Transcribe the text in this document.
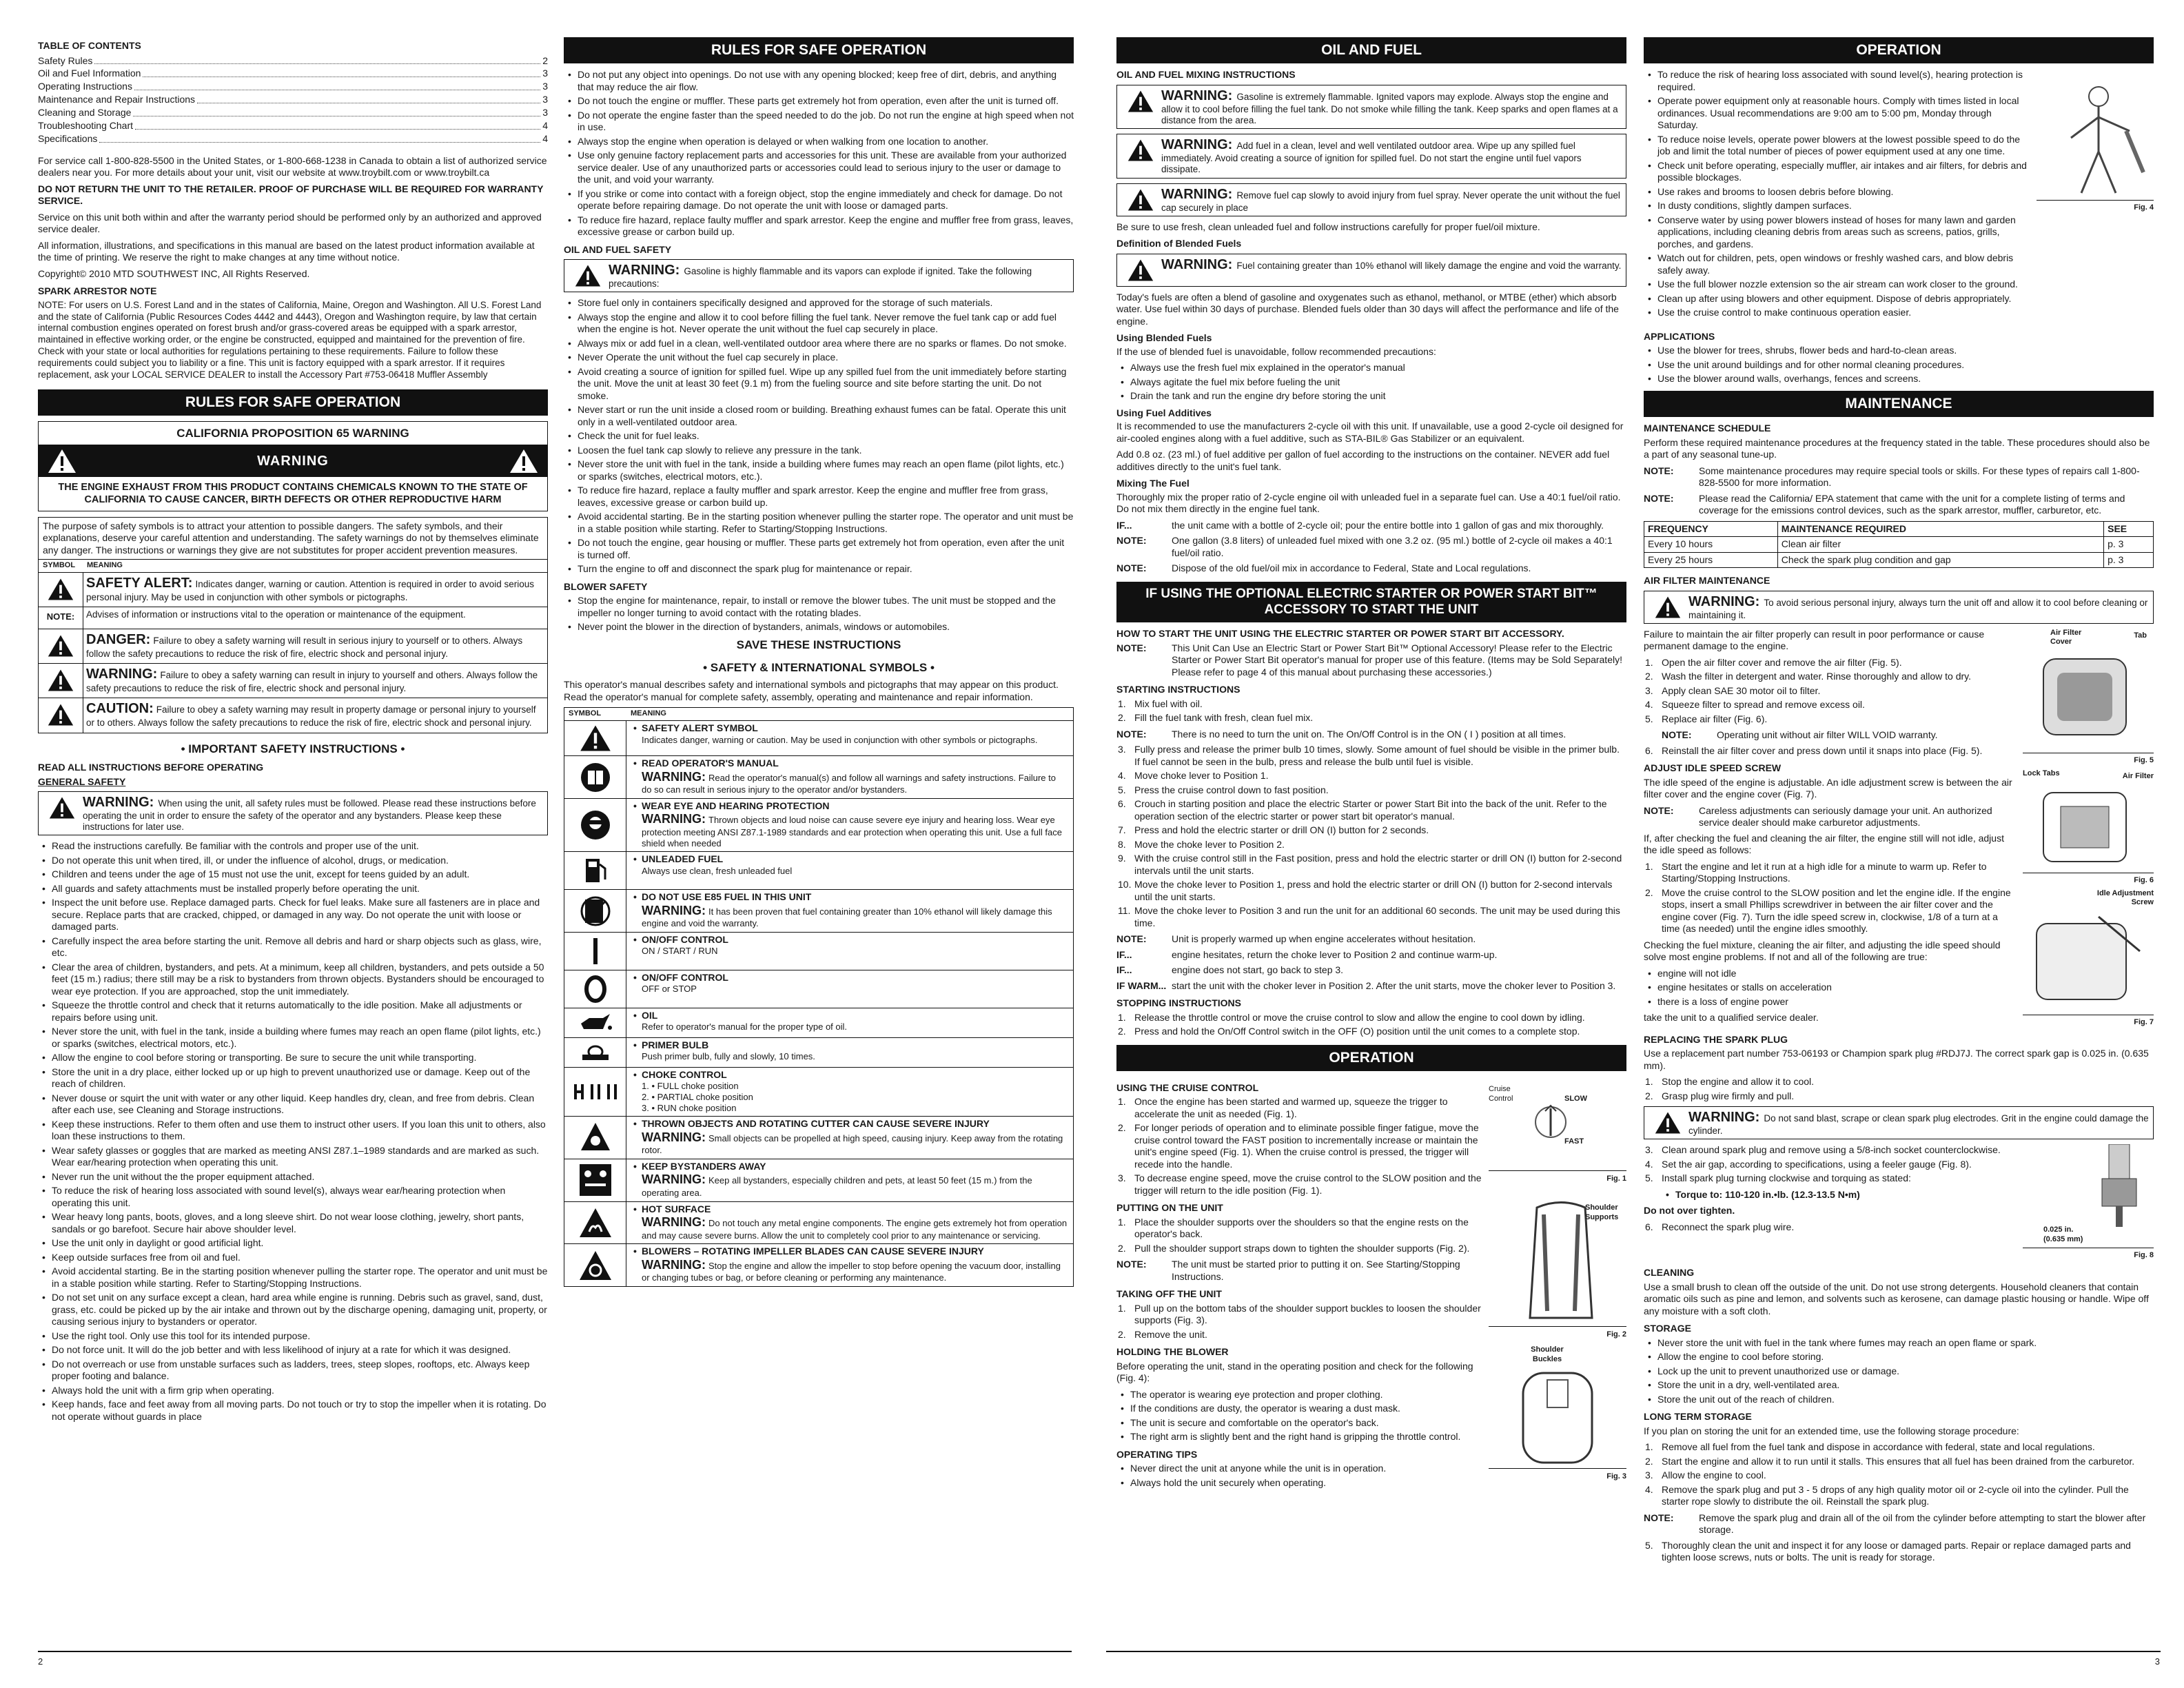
TABLE OF CONTENTS
Safety Rules	2
Oil and Fuel Information	3
Operating Instructions	3
Maintenance and Repair Instructions	3
Cleaning and Storage	3
Troubleshooting Chart	4
Specifications	4

For service call 1-800-828-5500 in the United States, or 1-800-668-1238 in Canada to obtain a list of authorized service dealers near you. For more details about your unit, visit our website at www.troybilt.com or www.troybilt.ca

DO NOT RETURN THE UNIT TO THE RETAILER. PROOF OF PURCHASE WILL BE REQUIRED FOR WARRANTY SERVICE.

Service on this unit both within and after the warranty period should be performed only by an authorized and approved service dealer.

All information, illustrations, and specifications in this manual are based on the latest product information available at the time of printing. We reserve the right to make changes at any time without notice.

Copyright© 2010 MTD SOUTHWEST INC, All Rights Reserved.

SPARK ARRESTOR NOTE

NOTE: For users on U.S. Forest Land and in the states of California, Maine, Oregon and Washington. All U.S. Forest Land and the state of California (Public Resources Codes 4442 and 4443), Oregon and Washington require, by law that certain internal combustion engines operated on forest brush and/or grass-covered areas be equipped with a spark arrestor, maintained in effective working order, or the engine be constructed, equipped and maintained for the prevention of fire. Check with your state or local authorities for regulations pertaining to these requirements. Failure to follow these requirements could subject you to liability or a fine. This unit is factory equipped with a spark arrestor. If it requires replacement, ask your LOCAL SERVICE DEALER to install the Accessory Part #753-06418 Muffler Assembly

RULES FOR SAFE OPERATION
CALIFORNIA PROPOSITION 65 WARNING
WARNING
THE ENGINE EXHAUST FROM THIS PRODUCT CONTAINS CHEMICALS KNOWN TO THE STATE OF CALIFORNIA TO CAUSE CANCER, BIRTH DEFECTS OR OTHER REPRODUCTIVE HARM
The purpose of safety symbols is to attract your attention to possible dangers. The safety symbols, and their explanations, deserve your careful attention and understanding. The safety warnings do not by themselves eliminate any danger. The instructions or warnings they give are not substitutes for proper accident prevention measures.
SYMBOL	MEANING
SAFETY ALERT: Indicates danger, warning or caution. Attention is required in order to avoid serious personal injury. May be used in conjunction with other symbols or pictographs.
NOTE:	Advises of information or instructions vital to the operation or maintenance of the equipment.
DANGER: Failure to obey a safety warning will result in serious injury to yourself or to others. Always follow the safety precautions to reduce the risk of fire, electric shock and personal injury.
WARNING: Failure to obey a safety warning can result in injury to yourself and others. Always follow the safety precautions to reduce the risk of fire, electric shock and personal injury.
CAUTION: Failure to obey a safety warning may result in property damage or personal injury to yourself or to others. Always follow the safety precautions to reduce the risk of fire, electric shock and personal injury.
• IMPORTANT SAFETY INSTRUCTIONS •
READ ALL INSTRUCTIONS BEFORE OPERATING
GENERAL SAFETY
WARNING: When using the unit, all safety rules must be followed. Please read these instructions before operating the unit in order to ensure the safety of the operator and any bystanders. Please keep these instructions for later use.
• Read the instructions carefully. Be familiar with the controls and proper use of the unit.
• Do not operate this unit when tired, ill, or under the influence of alcohol, drugs, or medication.
• Children and teens under the age of 15 must not use the unit, except for teens guided by an adult.
• All guards and safety attachments must be installed properly before operating the unit.
• Inspect the unit before use. Replace damaged parts. Check for fuel leaks. Make sure all fasteners are in place and secure. Replace parts that are cracked, chipped, or damaged in any way. Do not operate the unit with loose or damaged parts.
• Carefully inspect the area before starting the unit. Remove all debris and hard or sharp objects such as glass, wire, etc.
• Clear the area of children, bystanders, and pets. At a minimum, keep all children, bystanders, and pets outside a 50 feet (15 m.) radius; there still may be a risk to bystanders from thrown objects. Bystanders should be encouraged to wear eye protection. If you are approached, stop the unit immediately.
• Squeeze the throttle control and check that it returns automatically to the idle position. Make all adjustments or repairs before using unit.
• Never store the unit, with fuel in the tank, inside a building where fumes may reach an open flame (pilot lights, etc.) or sparks (switches, electrical motors, etc.).
• Allow the engine to cool before storing or transporting. Be sure to secure the unit while transporting.
• Store the unit in a dry place, either locked up or up high to prevent unauthorized use or damage. Keep out of the reach of children.
• Never douse or squirt the unit with water or any other liquid. Keep handles dry, clean, and free from debris. Clean after each use, see Cleaning and Storage instructions.
• Keep these instructions. Refer to them often and use them to instruct other users. If you loan this unit to others, also loan these instructions to them.
• Wear safety glasses or goggles that are marked as meeting ANSI Z87.1–1989 standards and are marked as such. Wear ear/hearing protection when operating this unit.
• Never run the unit without the the proper equipment attached.
• To reduce the risk of hearing loss associated with sound level(s), always wear ear/hearing protection when operating this unit.
• Wear heavy long pants, boots, gloves, and a long sleeve shirt. Do not wear loose clothing, jewelry, short pants, sandals or go barefoot. Secure hair above shoulder level.
• Use the unit only in daylight or good artificial light.
• Keep outside surfaces free from oil and fuel.
• Avoid accidental starting. Be in the starting position whenever pulling the starter rope. The operator and unit must be in a stable position while starting. Refer to Starting/Stopping Instructions.
• Do not set unit on any surface except a clean, hard area while engine is running. Debris such as gravel, sand, dust, grass, etc. could be picked up by the air intake and thrown out by the discharge opening, damaging unit, property, or causing serious injury to bystanders or operator.
• Use the right tool. Only use this tool for its intended purpose.
• Do not force unit. It will do the job better and with less likelihood of injury at a rate for which it was designed.
• Do not overreach or use from unstable surfaces such as ladders, trees, steep slopes, rooftops, etc. Always keep proper footing and balance.
• Always hold the unit with a firm grip when operating.
• Keep hands, face and feet away from all moving parts. Do not touch or try to stop the impeller when it is rotating. Do not operate without guards in place
RULES FOR SAFE OPERATION
• Do not put any object into openings. Do not use with any opening blocked; keep free of dirt, debris, and anything that may reduce the air flow.
• Do not touch the engine or muffler. These parts get extremely hot from operation, even after the unit is turned off.
• Do not operate the engine faster than the speed needed to do the job. Do not run the engine at high speed when not in use.
• Always stop the engine when operation is delayed or when walking from one location to another.
• Use only genuine factory replacement parts and accessories for this unit. These are available from your authorized service dealer. Use of any unauthorized parts or accessories could lead to serious injury to the user or damage to the unit, and void your warranty.
• If you strike or come into contact with a foreign object, stop the engine immediately and check for damage. Do not operate before repairing damage. Do not operate the unit with loose or damaged parts.
• To reduce fire hazard, replace faulty muffler and spark arrestor. Keep the engine and muffler free from grass, leaves, excessive grease or carbon build up.
OIL AND FUEL SAFETY
WARNING: Gasoline is highly flammable and its vapors can explode if ignited. Take the following precautions:
• Store fuel only in containers specifically designed and approved for the storage of such materials.
• Always stop the engine and allow it to cool before filling the fuel tank. Never remove the fuel tank cap or add fuel when the engine is hot. Never operate the unit without the fuel cap securely in place.
• Always mix or add fuel in a clean, well-ventilated outdoor area where there are no sparks or flames. Do not smoke.
• Never Operate the unit without the fuel cap securely in place.
• Avoid creating a source of ignition for spilled fuel. Wipe up any spilled fuel from the unit immediately before starting the unit. Move the unit at least 30 feet (9.1 m) from the fueling source and site before starting the unit. Do not smoke.
• Never start or run the unit inside a closed room or building. Breathing exhaust fumes can be fatal. Operate this unit only in a well-ventilated outdoor area.
• Check the unit for fuel leaks.
• Loosen the fuel tank cap slowly to relieve any pressure in the tank.
• Never store the unit with fuel in the tank, inside a building where fumes may reach an open flame (pilot lights, etc.) or sparks (switches, electrical motors, etc.).
• To reduce fire hazard, replace a faulty muffler and spark arrestor. Keep the engine and muffler free from grass, leaves, excessive grease or carbon build up.
• Avoid accidental starting. Be in the starting position whenever pulling the starter rope. The operator and unit must be in a stable position while starting. Refer to Starting/Stopping Instructions.
• Do not touch the engine, gear housing or muffler. These parts get extremely hot from operation, even after the unit is turned off.
• Turn the engine to off and disconnect the spark plug for maintenance or repair.
BLOWER SAFETY
• Stop the engine for maintenance, repair, to install or remove the blower tubes. The unit must be stopped and the impeller no longer turning to avoid contact with the rotating blades.
• Never point the blower in the direction of bystanders, animals, windows or automobiles.
SAVE THESE INSTRUCTIONS
• SAFETY & INTERNATIONAL SYMBOLS •

This operator's manual describes safety and international symbols and pictographs that may appear on this product. Read the operator's manual for complete safety, assembly, operating and maintenance and repair information.

SYMBOL	MEANING
• SAFETY ALERT SYMBOL
Indicates danger, warning or caution. May be used in conjunction with other symbols or pictographs.
• READ OPERATOR'S MANUAL
WARNING: Read the operator's manual(s) and follow all warnings and safety instructions. Failure to do so can result in serious injury to the operator and/or bystanders.
• WEAR EYE AND HEARING PROTECTION
WARNING: Thrown objects and loud noise can cause severe eye injury and hearing loss. Wear eye protection meeting ANSI Z87.1-1989 standards and ear protection when operating this unit. Use a full face shield when needed
• UNLEADED FUEL
Always use clean, fresh unleaded fuel
• DO NOT USE E85 FUEL IN THIS UNIT
WARNING: It has been proven that fuel containing greater than 10% ethanol will likely damage this engine and void the warranty.
• ON/OFF CONTROL
ON / START / RUN
• ON/OFF CONTROL
OFF or STOP
• OIL
Refer to operator's manual for the proper type of oil.
• PRIMER BULB
Push primer bulb, fully and slowly, 10 times.
• CHOKE CONTROL
1. • FULL choke position
2. • PARTIAL choke position
3. • RUN choke position
• THROWN OBJECTS AND ROTATING CUTTER CAN CAUSE SEVERE INJURY
WARNING: Small objects can be propelled at high speed, causing injury. Keep away from the rotating rotor.
• KEEP BYSTANDERS AWAY
WARNING: Keep all bystanders, especially children and pets, at least 50 feet (15 m.) from the operating area.
• HOT SURFACE
WARNING: Do not touch any metal engine components. The engine gets extremely hot from operation and may cause severe burns. Allow the unit to completely cool prior to any maintenance or servicing.
• BLOWERS – ROTATING IMPELLER BLADES CAN CAUSE SEVERE INJURY
WARNING: Stop the engine and allow the impeller to stop before opening the vacuum door, installing or changing tubes or bag, or before cleaning or performing any maintenance.
2
OIL AND FUEL
OIL AND FUEL MIXING INSTRUCTIONS
WARNING: Gasoline is extremely flammable. Ignited vapors may explode. Always stop the engine and allow it to cool before filling the fuel tank. Do not smoke while filling the tank. Keep sparks and open flames at a distance from the area.
WARNING: Add fuel in a clean, level and well ventilated outdoor area. Wipe up any spilled fuel immediately. Avoid creating a source of ignition for spilled fuel. Do not start the engine until fuel vapors dissipate.
WARNING: Remove fuel cap slowly to avoid injury from fuel spray. Never operate the unit without the fuel cap securely in place

Be sure to use fresh, clean unleaded fuel and follow instructions carefully for proper fuel/oil mixture.

Definition of Blended Fuels
WARNING: Fuel containing greater than 10% ethanol will likely damage the engine and void the warranty.

Today's fuels are often a blend of gasoline and oxygenates such as ethanol, methanol, or MTBE (ether) which absorb water. Use fuel within 30 days of purchase. Blended fuels older than 30 days will affect the performance and life of the engine.

Using Blended Fuels

If the use of blended fuel is unavoidable, follow recommended precautions:

• Always use the fresh fuel mix explained in the operator's manual
• Always agitate the fuel mix before fueling the unit
• Drain the tank and run the engine dry before storing the unit
Using Fuel Additives

It is recommended to use the manufacturers 2-cycle oil with this unit. If unavailable, use a good 2-cycle oil designed for air-cooled engines along with a fuel additive, such as STA-BIL® Gas Stabilizer or an equivalent.

Add 0.8 oz. (23 ml.) of fuel additive per gallon of fuel according to the instructions on the container. NEVER add fuel additives directly to the unit's fuel tank.

Mixing The Fuel

Thoroughly mix the proper ratio of 2-cycle engine oil with unleaded fuel in a separate fuel can. Use a 40:1 fuel/oil ratio. Do not mix them directly in the engine fuel tank.

IF...	the unit came with a bottle of 2-cycle oil; pour the entire bottle into 1 gallon of gas and mix thoroughly.
NOTE:	One gallon (3.8 liters) of unleaded fuel mixed with one 3.2 oz. (95 ml.) bottle of 2-cycle oil makes a 40:1 fuel/oil ratio.
NOTE:	Dispose of the old fuel/oil mix in accordance to Federal, State and Local regulations.
IF USING THE OPTIONAL ELECTRIC STARTER OR POWER START BIT™ ACCESSORY TO START THE UNIT
HOW TO START THE UNIT USING THE ELECTRIC STARTER OR POWER START BIT ACCESSORY.
NOTE:	This Unit Can Use an Electric Start or Power Start Bit™ Optional Accessory! Please refer to the Electric Starter or Power Start Bit operator's manual for proper use of this feature. (Items may be Sold Separately! Please refer to page 4 of this manual about purchasing these accessories.)
STARTING INSTRUCTIONS
1. Mix fuel with oil.
2. Fill the fuel tank with fresh, clean fuel mix.
NOTE:	There is no need to turn the unit on. The On/Off Control is in the ON ( I ) position at all times.
3. Fully press and release the primer bulb 10 times, slowly. Some amount of fuel should be visible in the primer bulb. If fuel cannot be seen in the bulb, press and release the bulb until fuel is visible.
4. Move choke lever to Position 1.
5. Press the cruise control down to fast position.
6. Crouch in starting position and place the electric Starter or power Start Bit into the back of the unit. Refer to the operation section of the electric starter or power start bit operator's manual.
7. Press and hold the electric starter or drill ON (I) button for 2 seconds.
8. Move the choke lever to Position 2.
9. With the cruise control still in the Fast position, press and hold the electric starter or drill ON (I) button for 2-second intervals until the unit starts.
10. Move the choke lever to Position 1, press and hold the electric starter or drill ON (I) button for 2-second intervals until the unit starts.
11. Move the choke lever to Position 3 and run the unit for an additional 60 seconds. The unit may be used during this time.
NOTE:	Unit is properly warmed up when engine accelerates without hesitation.
IF...	engine hesitates, return the choke lever to Position 2 and continue warm-up.
IF...	engine does not start, go back to step 3.
IF WARM... start the unit with the choker lever in Position 2. After the unit starts, move the choker lever to Position 3.
STOPPING INSTRUCTIONS
1. Release the throttle control or move the cruise control to slow and allow the engine to cool down by idling.
2. Press and hold the On/Off Control switch in the OFF (O) position until the unit comes to a complete stop.
OPERATION
USING THE CRUISE CONTROL
1. Once the engine has been started and warmed up, squeeze the trigger to accelerate the unit as needed (Fig. 1).
2. For longer periods of operation and to eliminate possible finger fatigue, move the cruise control toward the FAST position to incrementally increase or maintain the unit's engine speed (Fig. 1). When the cruise control is pressed, the trigger will recede into the handle.
3. To decrease engine speed, move the cruise control to the SLOW position and the trigger will return to the idle position (Fig. 1).
PUTTING ON THE UNIT
1. Place the shoulder supports over the shoulders so that the engine rests on the operator's back.
2. Pull the shoulder support straps down to tighten the shoulder supports (Fig. 2).
NOTE:	The unit must be started prior to putting it on. See Starting/Stopping Instructions.
TAKING OFF THE UNIT
1. Pull up on the bottom tabs of the shoulder support buckles to loosen the shoulder supports (Fig. 3).
2. Remove the unit.
HOLDING THE BLOWER

Before operating the unit, stand in the operating position and check for the following (Fig. 4):

• The operator is wearing eye protection and proper clothing.
• If the conditions are dusty, the operator is wearing a dust mask.
• The unit is secure and comfortable on the operator's back.
• The right arm is slightly bent and the right hand is gripping the throttle control.
OPERATING TIPS
• Never direct the unit at anyone while the unit is in operation.
• Always hold the unit securely when operating.
Cruise Control	SLOW
FAST
Fig. 1
Shoulder Supports
Fig. 2
Shoulder Buckles
Fig. 3
OPERATION
• To reduce the risk of hearing loss associated with sound level(s), hearing protection is required.
• Operate power equipment only at reasonable hours. Comply with times listed in local ordinances. Usual recommendations are 9:00 am to 5:00 pm, Monday through Saturday.
• To reduce noise levels, operate power blowers at the lowest possible speed to do the job and limit the total number of pieces of power equipment used at any one time.
• Check unit before operating, especially muffler, air intakes and air filters, for debris and possible blockages.
• Use rakes and brooms to loosen debris before blowing.
• In dusty conditions, slightly dampen surfaces.
• Conserve water by using power blowers instead of hoses for many lawn and garden applications, including cleaning debris from areas such as screens, patios, grills, porches, and gardens.
• Watch out for children, pets, open windows or freshly washed cars, and blow debris safely away.
• Use the full blower nozzle extension so the air stream can work closer to the ground.
• Clean up after using blowers and other equipment. Dispose of debris appropriately.
• Use the cruise control to make continuous operation easier.
Fig. 4
APPLICATIONS
• Use the blower for trees, shrubs, flower beds and hard-to-clean areas.
• Use the unit around buildings and for other normal cleaning procedures.
• Use the blower around walls, overhangs, fences and screens.
MAINTENANCE
MAINTENANCE SCHEDULE

Perform these required maintenance procedures at the frequency stated in the table. These procedures should also be a part of any seasonal tune-up.

NOTE:	Some maintenance procedures may require special tools or skills. For these types of repairs call 1-800-828-5500 for more information.
NOTE:	Please read the California/ EPA statement that came with the unit for a complete listing of terms and coverage for the emissions control devices, such as the spark arrestor, muffler, carburetor, etc.
FREQUENCY	MAINTENANCE REQUIRED	SEE
Every 10 hours	Clean air filter	p. 3
Every 25 hours	Check the spark plug condition and gap	p. 3
AIR FILTER MAINTENANCE
WARNING: To avoid serious personal injury, always turn the unit off and allow it to cool before cleaning or maintaining it.

Failure to maintain the air filter properly can result in poor performance or cause permanent damage to the engine.

1. Open the air filter cover and remove the air filter (Fig. 5).
2. Wash the filter in detergent and water. Rinse thoroughly and allow to dry.
3. Apply clean SAE 30 motor oil to filter.
4. Squeeze filter to spread and remove excess oil.
5. Replace air filter (Fig. 6).
NOTE:	Operating unit without air filter WILL VOID warranty.
6. Reinstall the air filter cover and press down until it snaps into place (Fig. 5).
ADJUST IDLE SPEED SCREW

The idle speed of the engine is adjustable. An idle adjustment screw is between the air filter cover and the engine cover (Fig. 7).

NOTE:	Careless adjustments can seriously damage your unit. An authorized service dealer should make carburetor adjustments.

If, after checking the fuel and cleaning the air filter, the engine still will not idle, adjust the idle speed as follows:

1. Start the engine and let it run at a high idle for a minute to warm up. Refer to Starting/Stopping Instructions.
2. Move the cruise control to the SLOW position and let the engine idle. If the engine stops, insert a small Phillips screwdriver in between the air filter cover and the engine cover (Fig. 7). Turn the idle speed screw in, clockwise, 1/8 of a turn at a time (as needed) until the engine idles smoothly.

Checking the fuel mixture, cleaning the air filter, and adjusting the idle speed should solve most engine problems. If not and all of the following are true:

• engine will not idle
• engine hesitates or stalls on acceleration
• there is a loss of engine power

take the unit to a qualified service dealer.

Air Filter Cover
Tab
Fig. 5
Lock Tabs	Air Filter
Fig. 6
Idle Adjustment Screw
Fig. 7
REPLACING THE SPARK PLUG

Use a replacement part number 753-06193 or Champion spark plug #RDJ7J. The correct spark gap is 0.025 in. (0.635 mm).

1. Stop the engine and allow it to cool.
2. Grasp plug wire firmly and pull.
WARNING: Do not sand blast, scrape or clean spark plug electrodes. Grit in the engine could damage the cylinder.
3. Clean around spark plug and remove using a 5/8-inch socket counterclockwise.
4. Set the air gap, according to specifications, using a feeler gauge (Fig. 8).
5. Install spark plug turning clockwise and torquing as stated:
• Torque to: 110-120 in.•lb. (12.3-13.5 N•m)

Do not over tighten.

6. Reconnect the spark plug wire.	0.025 in. (0.635 mm)
Fig. 8
CLEANING

Use a small brush to clean off the outside of the unit. Do not use strong detergents. Household cleaners that contain aromatic oils such as pine and lemon, and solvents such as kerosene, can damage plastic housing or handle. Wipe off any moisture with a soft cloth.

STORAGE
• Never store the unit with fuel in the tank where fumes may reach an open flame or spark.
• Allow the engine to cool before storing.
• Lock up the unit to prevent unauthorized use or damage.
• Store the unit in a dry, well-ventilated area.
• Store the unit out of the reach of children.
LONG TERM STORAGE

If you plan on storing the unit for an extended time, use the following storage procedure:

1. Remove all fuel from the fuel tank and dispose in accordance with federal, state and local regulations.
2. Start the engine and allow it to run until it stalls. This ensures that all fuel has been drained from the carburetor.
3. Allow the engine to cool.
4. Remove the spark plug and put 3 - 5 drops of any high quality motor oil or 2-cycle oil into the cylinder. Pull the starter rope slowly to distribute the oil. Reinstall the spark plug.
NOTE:	Remove the spark plug and drain all of the oil from the cylinder before attempting to start the blower after storage.
5. Thoroughly clean the unit and inspect it for any loose or damaged parts. Repair or replace damaged parts and tighten loose screws, nuts or bolts. The unit is ready for storage.
3
